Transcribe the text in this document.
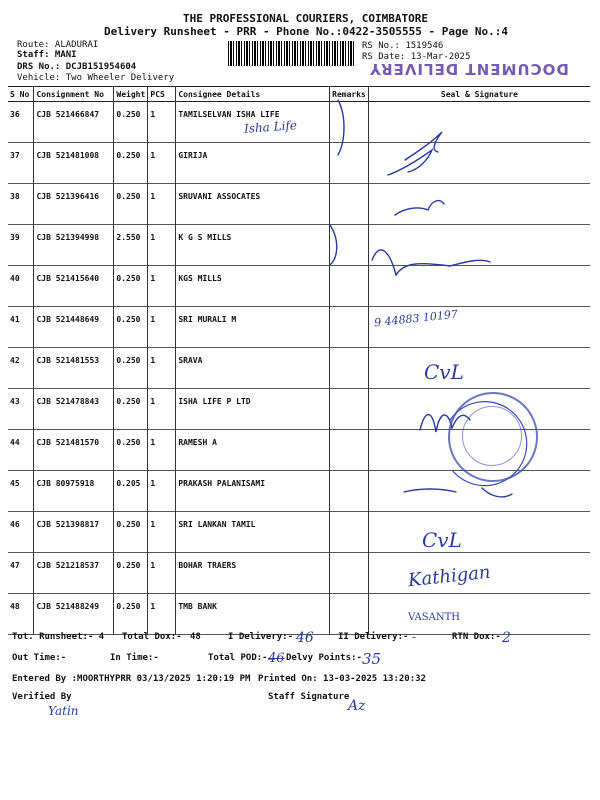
THE PROFESSIONAL COURIERS, COIMBATORE
Delivery Runsheet - PRR - Phone No.:0422-3505555 - Page No.:4
Route: ALADURAI
Staff: MANI
DRS No.: DCJB151954604
Vehicle: Two Wheeler Delivery
RS No.: 1519546
RS Date: 13-Mar-2025
DOCUMENT DELIVERY
S No	Consignment No	Weight	PCS	Consignee Details	Remarks	Seal & Signature
36	CJB 521466847	0.250	1	TAMILSELVAN ISHA LIFE		
37	CJB 521481008	0.250	1	GIRIJA		
38	CJB 521396416	0.250	1	SRUVANI ASSOCATES		
39	CJB 521394998	2.550	1	K G S MILLS		
40	CJB 521415640	0.250	1	KGS MILLS		
41	CJB 521448649	0.250	1	SRI MURALI M		
42	CJB 521481553	0.250	1	SRAVA		
43	CJB 521478843	0.250	1	ISHA LIFE P LTD		
44	CJB 521481570	0.250	1	RAMESH A		
45	CJB 80975918	0.205	1	PRAKASH PALANISAMI		
46	CJB 521398817	0.250	1	SRI LANKAN TAMIL		
47	CJB 521218537	0.250	1	BOHAR TRAERS		
48	CJB 521488249	0.250	1	TMB BANK		
Isha Life
9 44883 10197
CvL
CvL
Kathigan
VASANTH
Tot. Runsheet:- 4 Total Dox:- 48	I Delivery:- 46	II Delivery:- -	RTN Dox:- 2
Out Time:-	In Time:-	Total POD:- 46 Delvy Points:- 35
Entered By :MOORTHYPRR 03/13/2025 1:20:19 PM Printed On: 13-03-2025 13:20:32
Verified By
Yatin
Staff Signature
Az
